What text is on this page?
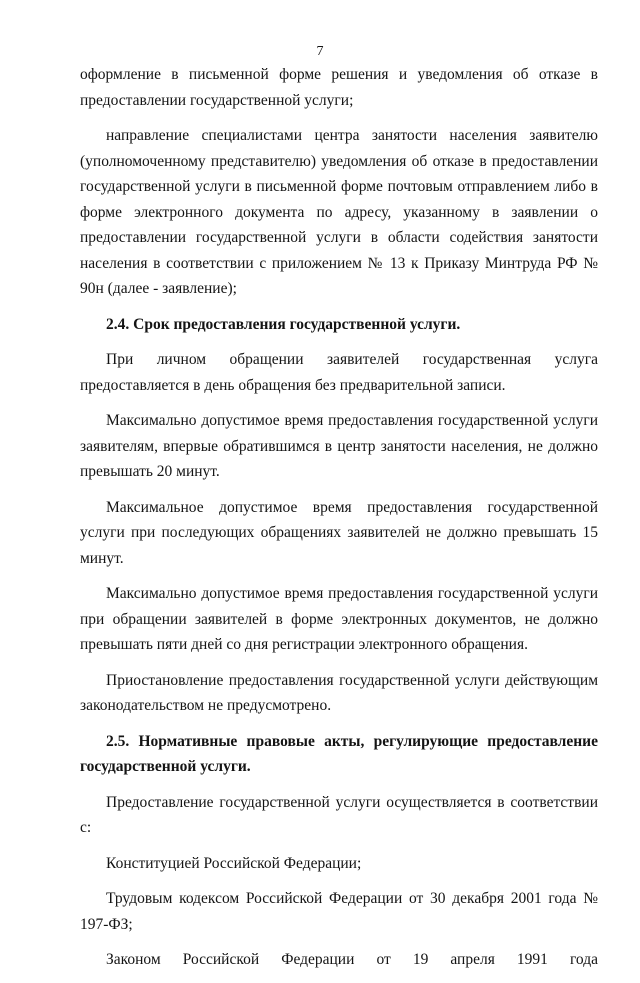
7

оформление в письменной форме решения и уведомления об отказе в предоставлении государственной услуги;

направление специалистами центра занятости населения заявителю (уполномоченному представителю) уведомления об отказе в предоставлении государственной услуги в письменной форме почтовым отправлением либо в форме электронного документа по адресу, указанному в заявлении о предоставлении государственной услуги в области содействия занятости населения в соответствии с приложением № 13 к Приказу Минтруда РФ № 90н (далее - заявление);

2.4. Срок предоставления государственной услуги.

При личном обращении заявителей государственная услуга предоставляется в день обращения без предварительной записи.

Максимально допустимое время предоставления государственной услуги заявителям, впервые обратившимся в центр занятости населения, не должно превышать 20 минут.

Максимальное допустимое время предоставления государственной услуги при последующих обращениях заявителей не должно превышать 15 минут.

Максимально допустимое время предоставления государственной услуги при обращении заявителей в форме электронных документов, не должно превышать пяти дней со дня регистрации электронного обращения.

Приостановление предоставления государственной услуги действующим законодательством не предусмотрено.

2.5. Нормативные правовые акты, регулирующие предоставление государственной услуги.

Предоставление государственной услуги осуществляется в соответствии с:

Конституцией Российской Федерации;

Трудовым кодексом Российской Федерации от 30 декабря 2001 года № 197-ФЗ;

Законом Российской Федерации от 19 апреля 1991 года
